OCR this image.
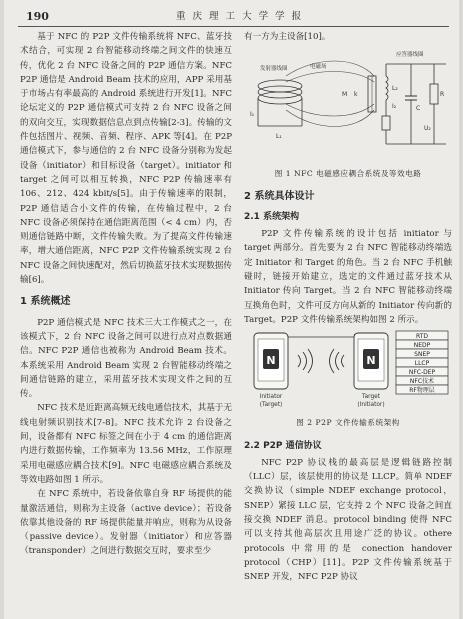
190	重 庆 理 工 大 学 学 报

基于 NFC 的 P2P 文件传输系统将 NFC、蓝牙技术结合，可实现 2 台智能移动终端之间文件的快速互传，优化 2 台 NFC 设备之间的 P2P 通信方案。NFC P2P 通信是 Android Beam 技术的应用，APP 采用基于市场占有率最高的 Android 系统进行开发[1]。NFC 论坛定义的 P2P 通信模式可支持 2 台 NFC 设备之间的双向交互，实现数据信息点到点传输[2-3]。传输的文件包括图片、视频、音频、程序、APK 等[4]。在 P2P 通信模式下，参与通信的 2 台 NFC 设备分别称为发起设备（initiator）和目标设备（target）。initiator 和 target 之间可以相互转换，NFC P2P 传输速率有 106、212、424 kbit/s[5]。由于传输速率的限制，P2P 通信适合小文件的传输，在传输过程中，2 台 NFC 设备必须保持在通信距离范围（< 4 cm）内，否则通信链路中断，文件传输失败。为了提高文件传输速率，增大通信距离，NFC P2P 文件传输系统实现 2 台 NFC 设备之间快速配对，然后切换蓝牙技术实现数据传输[6]。

1 系统概述

P2P 通信模式是 NFC 技术三大工作模式之一，在该模式下，2 台 NFC 设备之间可以进行点对点数据通信。NFC P2P 通信也被称为 Android Beam 技术。本系统采用 Android Beam 实现 2 台智能移动终端之间通信链路的建立，采用蓝牙技术实现文件之间的互传。

NFC 技术是近距离高频无线电通信技术，其基于无线电射频识别技术[7-8]。NFC 技术允许 2 台设备之间，设备都有 NFC 标签之间在小于 4 cm 的通信距离内进行数据传输，工作频率为 13.56 MHz，工作原理采用电磁感应耦合技术[9]。NFC 电磁感应耦合系统及等效电路如图 1 所示。

在 NFC 系统中，若设备依靠自身 RF 场提供的能量激活通信，则称为主设备（active device）；若设备依靠其他设备的 RF 场提供能量并响应，则称为从设备（passive device）。发射器（initiator）和应答器（transponder）之间进行数据交互时，要求至少

有一方为主设备[10]。

发射器线圈	电磁场
应答器线圈
I₁
L₁
M k
L₂
I₂	C
R
U₂
图 1 NFC 电磁感应耦合系统及等效电路
2 系统具体设计
2.1 系统架构

P2P 文件传输系统的设计包括 initiator 与 target 两部分。首先要为 2 台 NFC 智能移动终端选定 Initiator 和 Target 的角色。当 2 台 NFC 手机触碰时，链接开始建立，选定的文件通过蓝牙技术从 Initiator 传向 Target。当 2 台 NFC 智能移动终端互换角色时，文件可反方向从新的 Initiator 传向新的 Target。P2P 文件传输系统架构如图 2 所示。

N
Initiator
(Target)
N
Target
(Initiator)
RTD
NEDP
SNEP
LLCP
NFC-DEP
NFC技术
RF物理层
图 2 P2P 文件传输系统架构
2.2 P2P 通信协议

NFC P2P 协议栈的最高层是逻辑链路控制（LLC）层，该层使用的协议是 LLCP。简单 NDEF 交换协议（simple NDEF exchange protocol，SNEP）紧接 LLC 层，它支持 2 个 NFC 设备之间直接交换 NDEF 消息。protocol binding 使得 NFC 可以支持其他高层次且用途广泛的协议。othere protocols 中常用的是 conection handover protocol（CHP）[11]。P2P 文件传输系统基于 SNEP 开发，NFC P2P 协议
